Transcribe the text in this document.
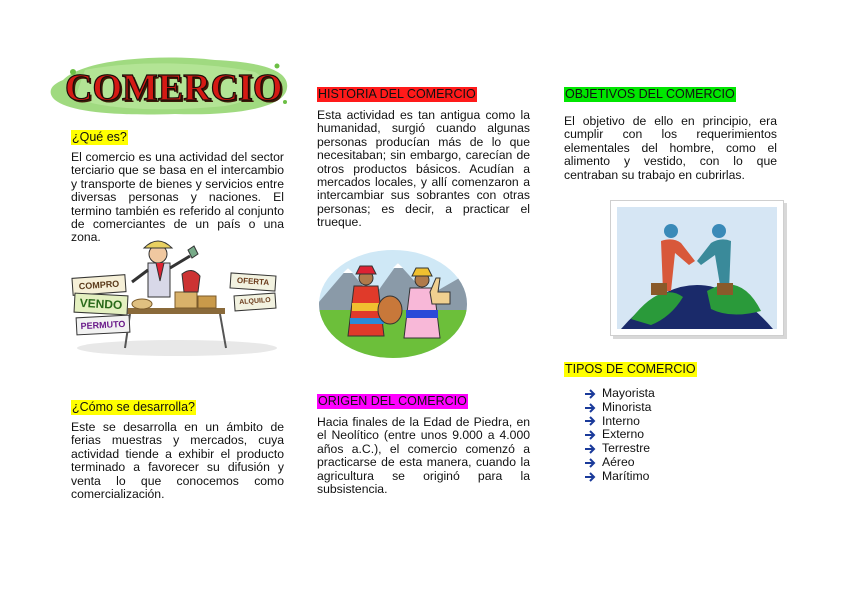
COMERCIO
¿Qué es?

El comercio es una actividad del sector

terciario que se basa en el intercambio

y transporte de bienes y servicios entre

diversas personas y naciones. El

termino también es referido al conjunto

de comerciantes de un país o una zona.

COMPRO
VENDO
PERMUTO
OFERTA
ALQUILO
¿Cómo se desarrolla?

Este se desarrolla en un ámbito de

ferias muestras y mercados, cuya

actividad tiende a exhibir el producto

terminado a favorecer su difusión y

venta lo que conocemos como

comercialización.

HISTORIA DEL COMERCIO

Esta actividad es tan antigua como la

humanidad, surgió cuando algunas

personas producían más de lo que

necesitaban; sin embargo, carecían de

otros productos básicos. Acudían a

mercados locales, y allí comenzaron a

intercambiar sus sobrantes con otras

personas; es decir, a practicar el

trueque.

ORIGEN DEL COMERCIO

Hacia finales de la Edad de Piedra, en

el Neolítico (entre unos 9.000 a 4.000

años a.C.), el comercio comenzó a

practicarse de esta manera, cuando la

agricultura se originó para la

subsistencia.

OBJETIVOS DEL COMERCIO

El objetivo de ello en principio, era

cumplir con los requerimientos

elementales del hombre, como el

alimento y vestido, con lo que

centraban su trabajo en cubrirlas.

TIPOS DE COMERCIO
Mayorista
Minorista
Interno
Externo
Terrestre
Aéreo
Marítimo
